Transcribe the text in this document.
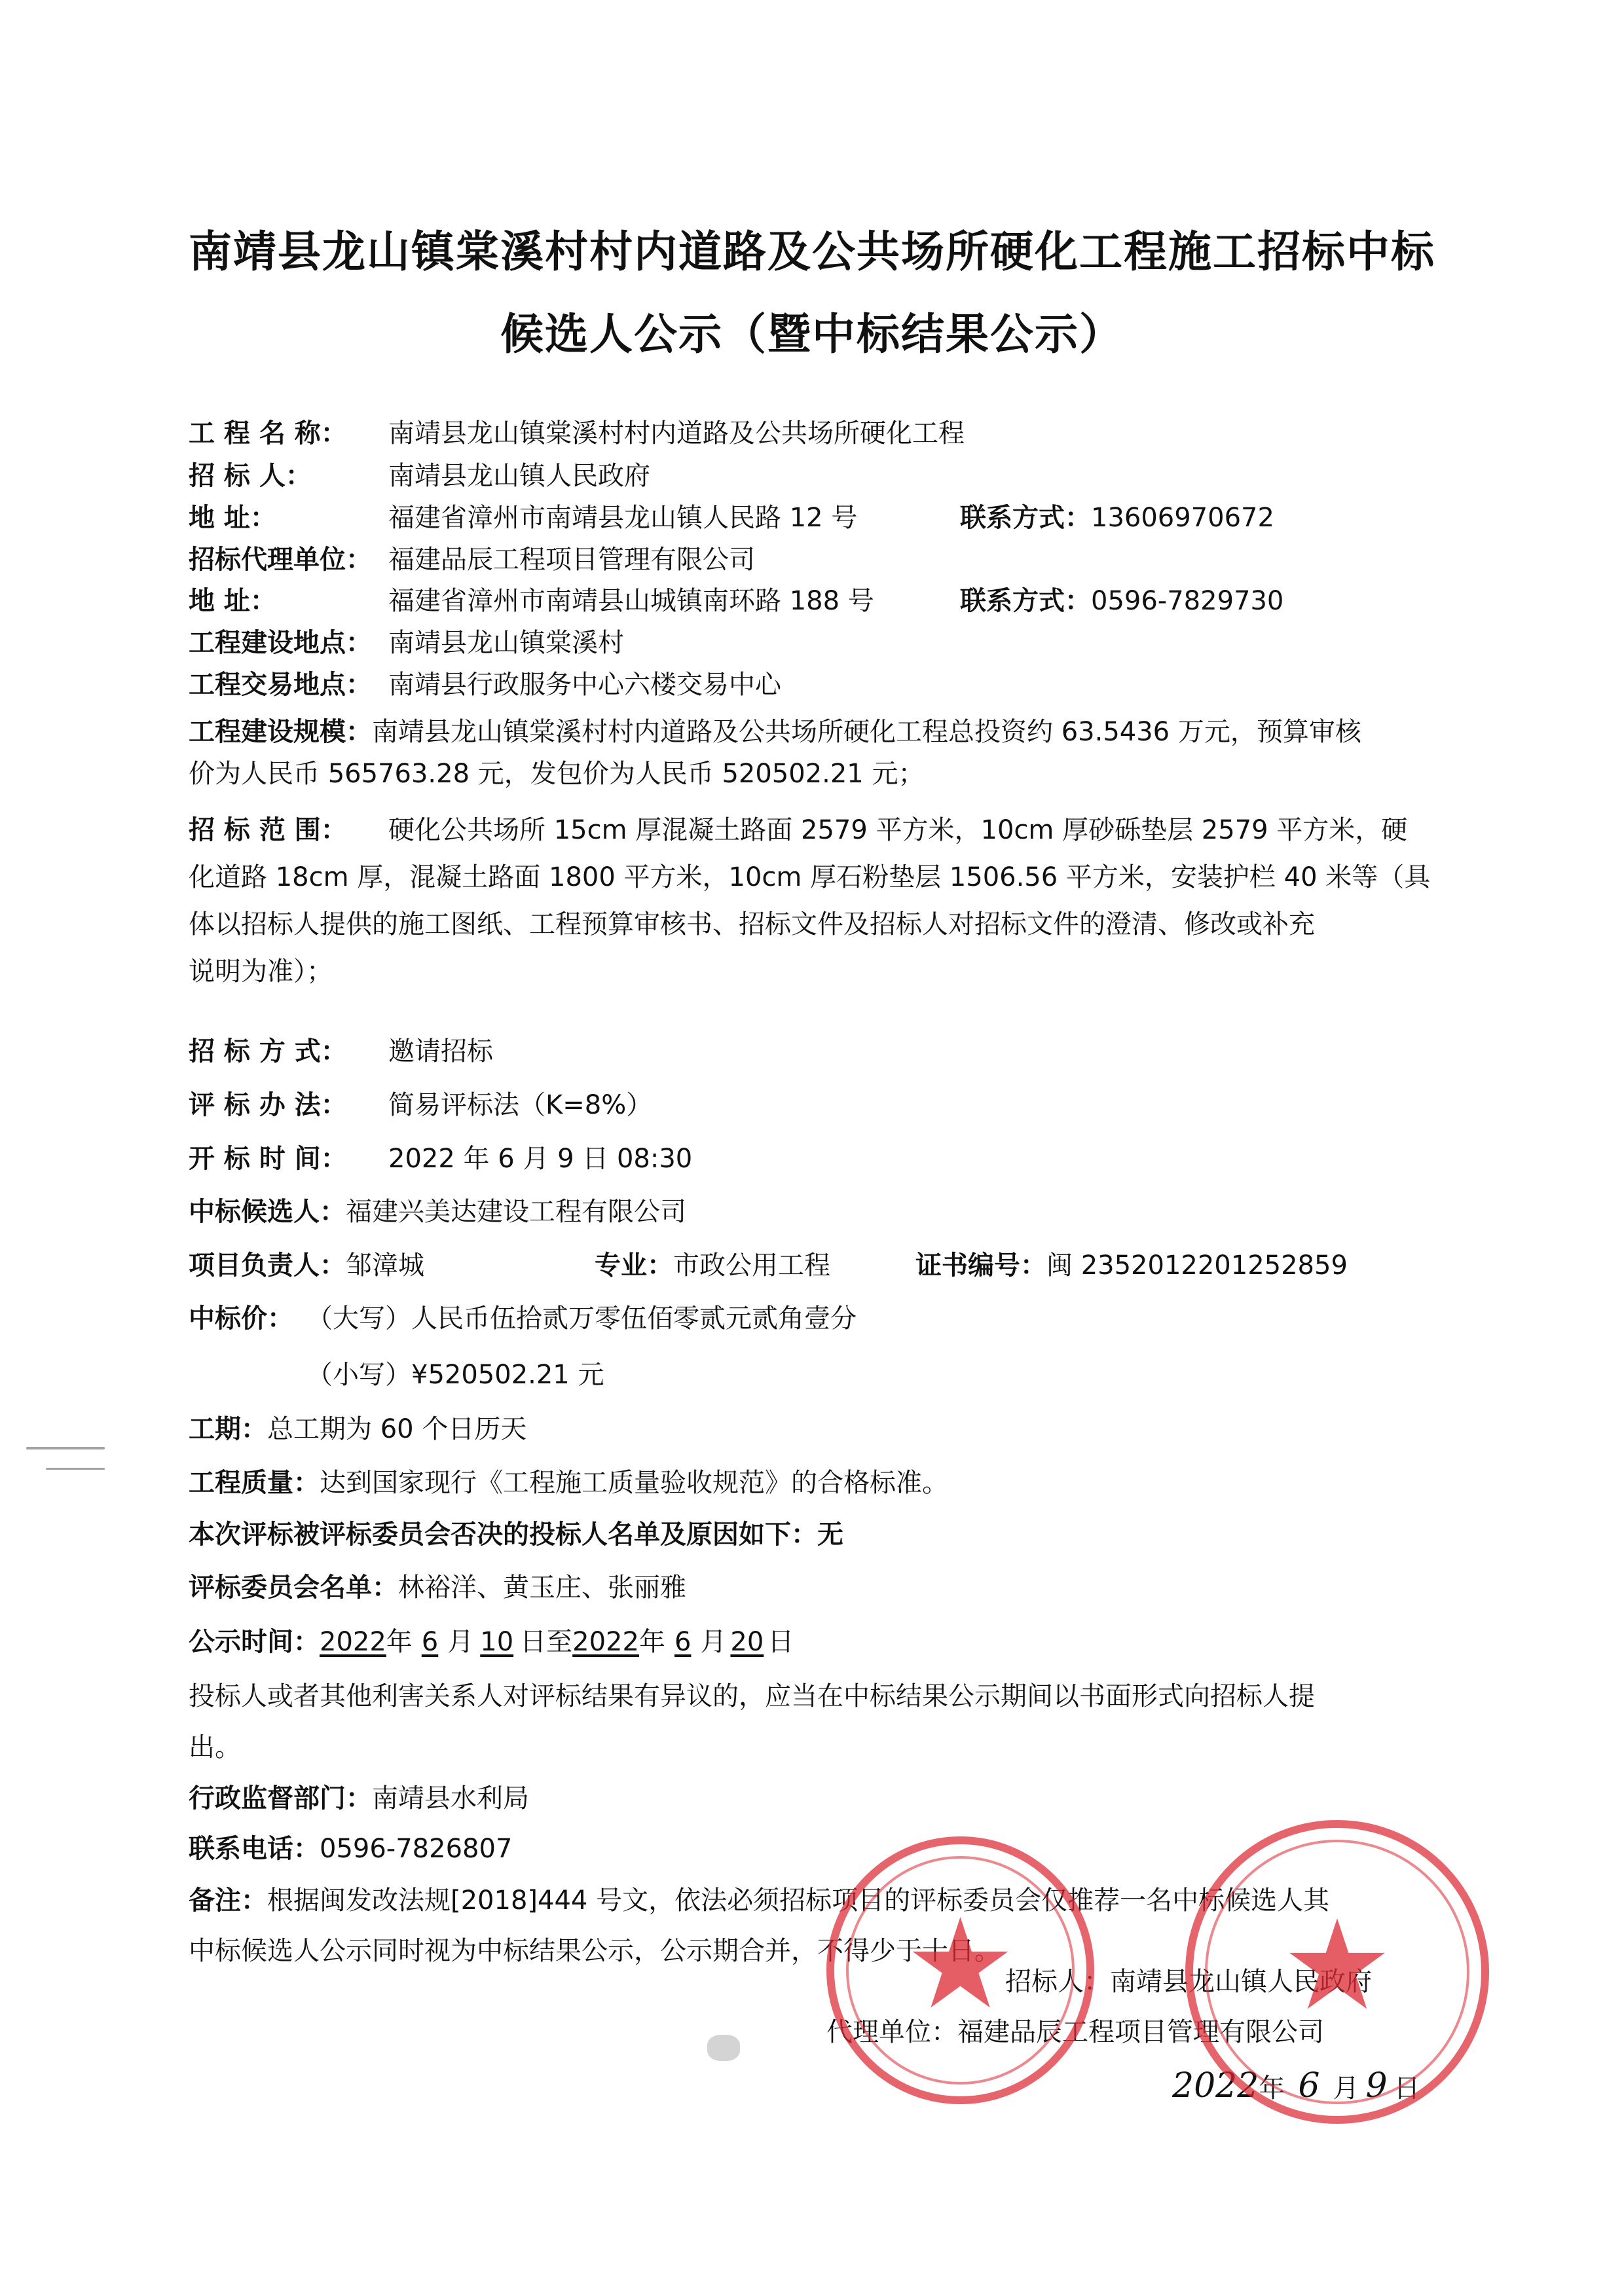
南靖县龙山镇棠溪村村内道路及公共场所硬化工程施工招标中标
候选人公示（暨中标结果公示）
工 程 名 称： 南靖县龙山镇棠溪村村内道路及公共场所硬化工程
招 标 人：	南靖县龙山镇人民政府
地 址：	福建省漳州市南靖县龙山镇人民路 12 号	联系方式：13606970672
招标代理单位： 福建品辰工程项目管理有限公司
地 址：	福建省漳州市南靖县山城镇南环路 188 号	联系方式：0596-7829730
工程建设地点： 南靖县龙山镇棠溪村
工程交易地点： 南靖县行政服务中心六楼交易中心
工程建设规模：南靖县龙山镇棠溪村村内道路及公共场所硬化工程总投资约 63.5436 万元，预算审核
价为人民币 565763.28 元，发包价为人民币 520502.21 元；
招 标 范 围： 硬化公共场所 15cm 厚混凝土路面 2579 平方米，10cm 厚砂砾垫层 2579 平方米，硬
化道路 18cm 厚，混凝土路面 1800 平方米，10cm 厚石粉垫层 1506.56 平方米，安装护栏 40 米等（具
体以招标人提供的施工图纸、工程预算审核书、招标文件及招标人对招标文件的澄清、修改或补充
说明为准）；
招 标 方 式： 邀请招标
评 标 办 法： 简易评标法（K=8%）
开 标 时 间： 2022 年 6 月 9 日 08:30
中标候选人：福建兴美达建设工程有限公司
项目负责人：邹漳城	专业：市政公用工程	证书编号：闽 2352012201252859
中标价： （大写）人民币伍拾贰万零伍佰零贰元贰角壹分
（小写）¥520502.21 元
工期：总工期为 60 个日历天
工程质量：达到国家现行《工程施工质量验收规范》的合格标准。
本次评标被评标委员会否决的投标人名单及原因如下：无
评标委员会名单：林裕洋、黄玉庄、张丽雅
公示时间：2022年 6 月 10 日至2022年 6 月 20 日
投标人或者其他利害关系人对评标结果有异议的，应当在中标结果公示期间以书面形式向招标人提
出。
行政监督部门：南靖县水利局
联系电话：0596-7826807
备注：根据闽发改法规[2018]444 号文，依法必须招标项目的评标委员会仅推荐一名中标候选人其
中标候选人公示同时视为中标结果公示，公示期合并，不得少于十日。
招标人：南靖县龙山镇人民政府
代理单位：福建品辰工程项目管理有限公司
2022年 6 月 9 日
★ ★
